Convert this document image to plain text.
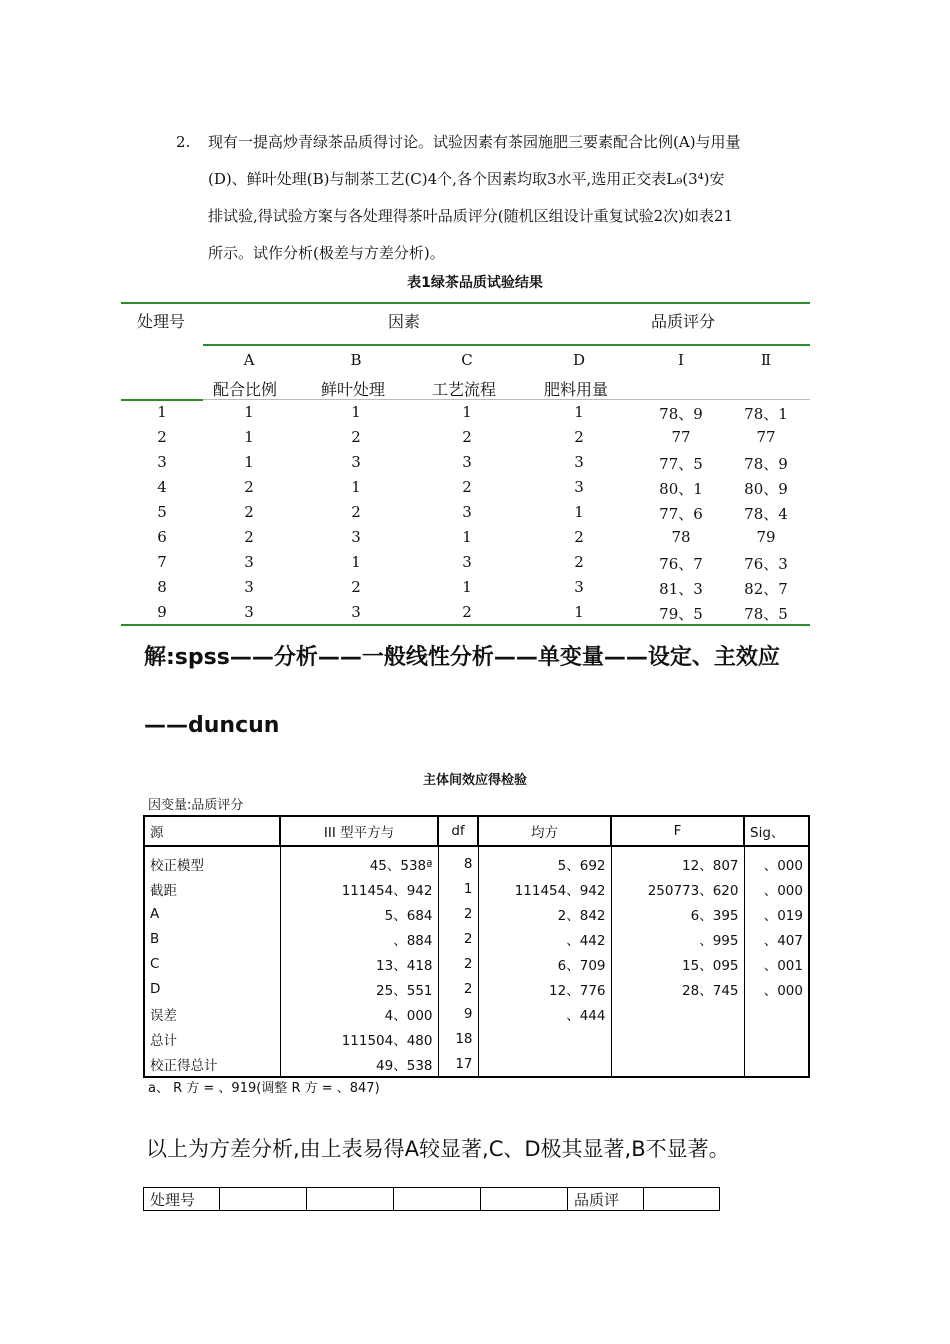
2. 现有一提高炒青绿茶品质得讨论。试验因素有茶园施肥三要素配合比例(A)与用量
(D)、鲜叶处理(B)与制茶工艺(C)4个,各个因素均取3水平,选用正交表L₉(3⁴)安
排试验,得试验方案与各处理得茶叶品质评分(随机区组设计重复试验2次)如表21
所示。试作分析(极差与方差分析)。
表1绿茶品质试验结果
处理号	因素	品质评分
A	B	C	D	Ⅰ	Ⅱ
配合比例	鲜叶处理	工艺流程	肥料用量
1	1	1	1	1	78、9	78、1
2	1	2	2	2	77	77
3	1	3	3	3	77、5	78、9
4	2	1	2	3	80、1	80、9
5	2	2	3	1	77、6	78、4
6	2	3	1	2	78	79
7	3	1	3	2	76、7	76、3
8	3	2	1	3	81、3	82、7
9	3	3	2	1	79、5	78、5
解:spss——分析——一般线性分析——单变量——设定、主效应
——duncun
主体间效应得检验
因变量:品质评分
源	III 型平方与	df	均方	F	Sig、
校正模型	45、538ª	8	5、692	12、807	、000
截距	111454、942	1	111454、942	250773、620	、000
A	5、684	2	2、842	6、395	、019
B	、884	2	、442	、995	、407
C	13、418	2	6、709	15、095	、001
D	25、551	2	12、776	28、745	、000
误差	4、000	9	、444		
总计	111504、480	18			
校正得总计	49、538	17			
a、 R 方 = 、919(调整 R 方 = 、847)
以上为方差分析,由上表易得A较显著,C、D极其显著,B不显著。
处理号					品质评	
